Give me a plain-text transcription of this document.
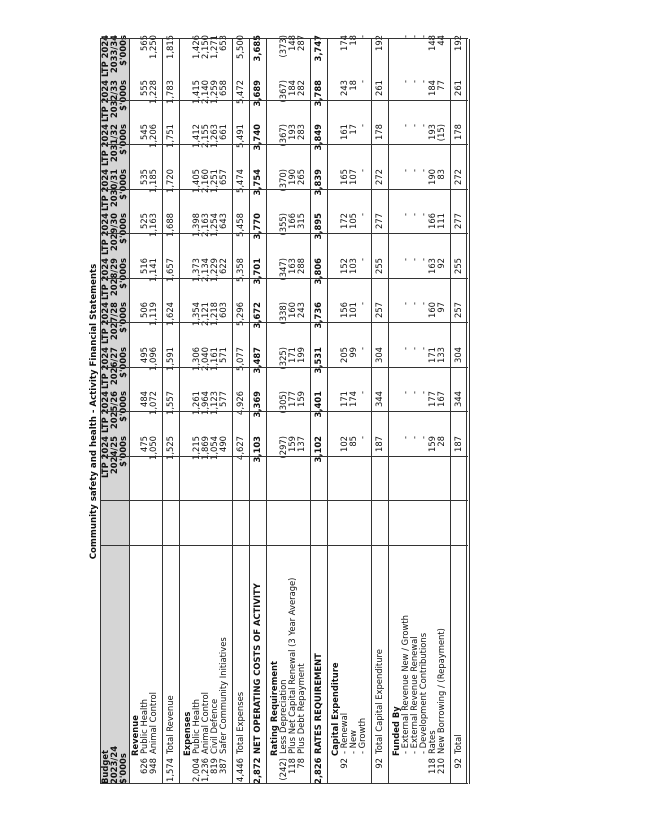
Community safety and health - Activity Financial Statements
Budget
LTP 2024
LTP 2024
LTP 2024
LTP 2024
LTP 2024
LTP 2024
LTP 2024
LTP 2024
LTP 2024
LTP 2024
2023/24
2024/25
2025/26
2026/27
2027/28
2028/29
2029/30
2030/31
2031/32
2032/33
2033/34
$'000s
$'000s
$'000s
$'000s
$'000s
$'000s
$'000s
$'000s
$'000s
$'000s
$'000s
Revenue
626
Public Health
475
484
495
506
516
525
535
545
555
565
948
Animal Control
1,050
1,072
1,096
1,119
1,141
1,163
1,185
1,206
1,228
1,250
1,574
Total Revenue
1,525
1,557
1,591
1,624
1,657
1,688
1,720
1,751
1,783
1,815
Expenses
2,004
Public Health
1,215
1,261
1,306
1,354
1,373
1,398
1,405
1,412
1,415
1,426
1,236
Animal Control
1,869
1,964
2,040
2,121
2,134
2,163
2,160
2,155
2,140
2,150
819
Civil Defence
1,054
1,123
1,161
1,218
1,229
1,254
1,251
1,263
1,259
1,271
387
Safer Community Initiatives
490
577
571
603
622
643
657
661
658
653
4,446
Total Expenses
4,627
4,926
5,077
5,296
5,358
5,458
5,474
5,491
5,472
5,500
2,872
NET OPERATING COSTS OF ACTIVITY
3,103
3,369
3,487
3,672
3,701
3,770
3,754
3,740
3,689
3,685
Rating Requirement
(242)
Less Depreciation
(297)
(305)
(325)
(338)
(347)
(355)
(370)
(367)
(367)
(373)
118
Plus Net Capital Renewal (3 Year Average)
159
177
171
160
163
166
190
193
184
148
78
Plus Debt Repayment
137
159
199
243
288
315
265
283
282
287
2,826
RATES REQUIREMENT
3,102
3,401
3,531
3,736
3,806
3,895
3,839
3,849
3,788
3,747
Capital Expenditure
92
- Renewal
102
171
205
156
152
172
165
161
243
174
- New
85
174
99
101
103
105
107
17
18
18
- Growth
-
-
-
-
-
-
-
-
-
-
92
Total Capital Expenditure
187
344
304
257
255
277
272
178
261
192
Funded By - External Revenue New / Growth
-
-
-
-
-
-
-
-
-
-
- External Revenue Renewal
-
-
-
-
-
-
-
-
-
-
- Development Contributions
-
-
-
-
-
-
-
-
-
-
118
Rates
159
177
171
160
163
166
190
193
184
148
210
New Borrowing / (Repayment)
28
167
133
97
92
111
83
(15)
77
44
92
Total
187
344
304
257
255
277
272
178
261
192
